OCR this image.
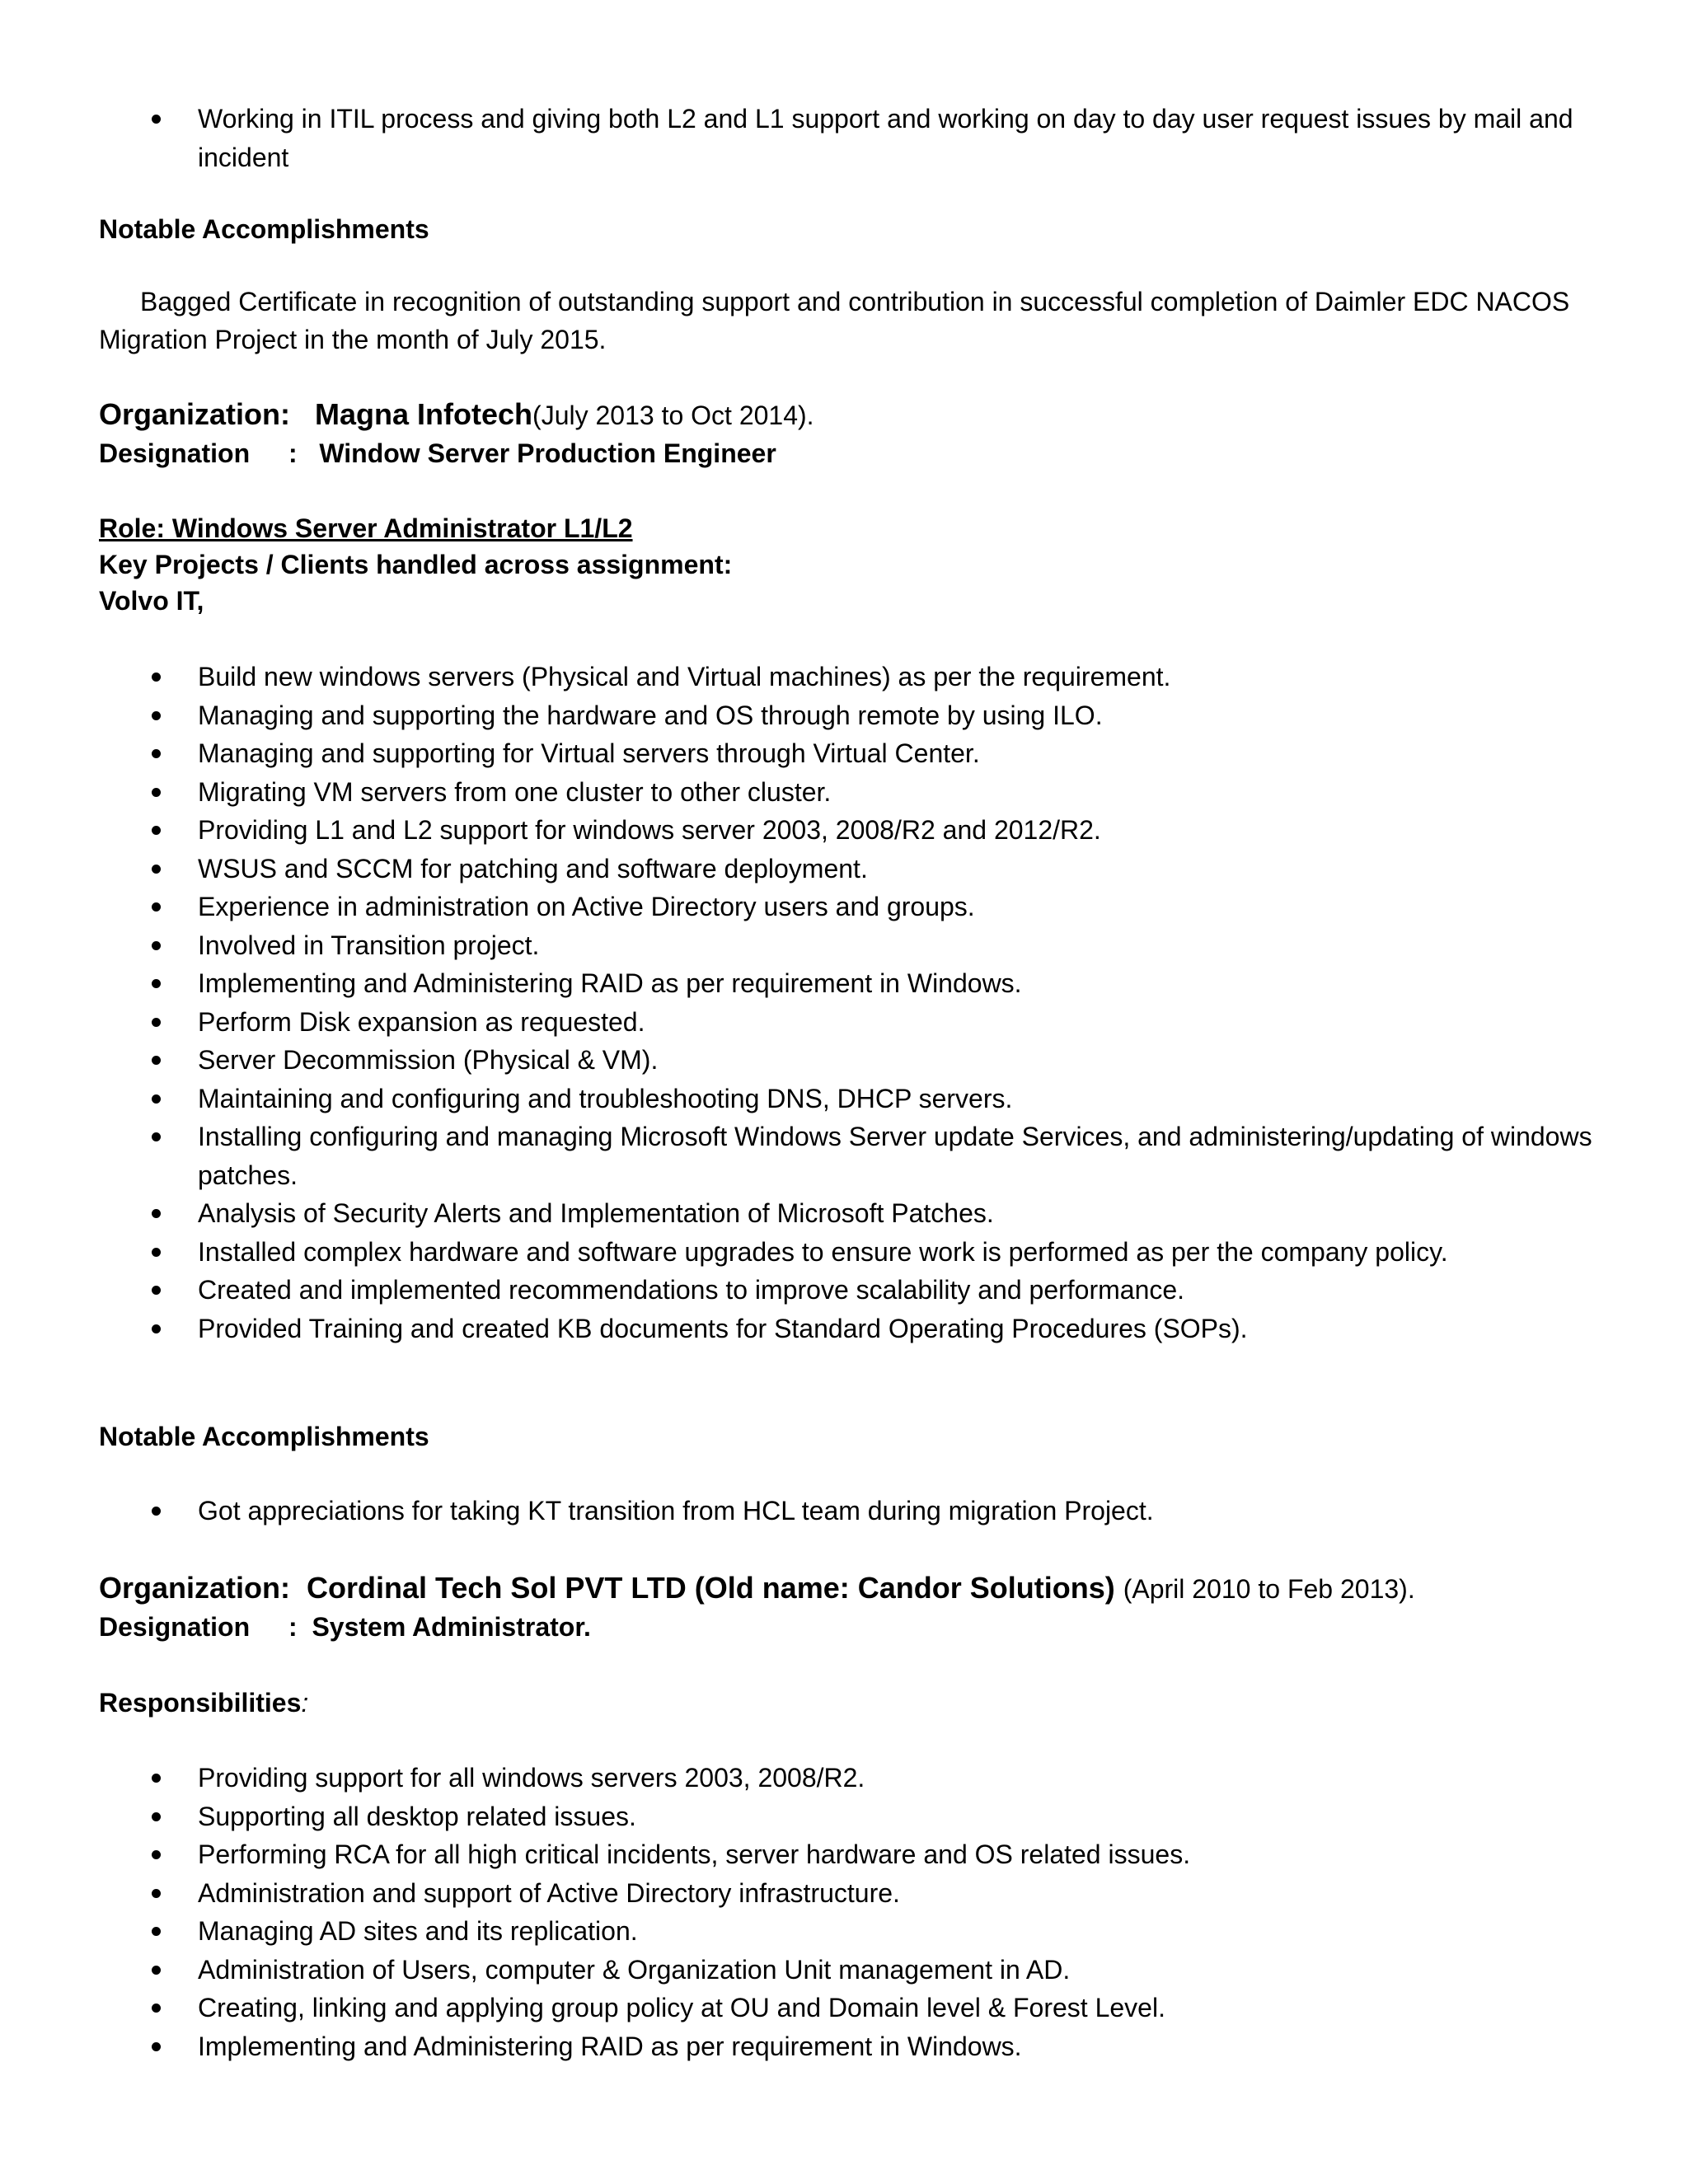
Working in ITIL process and giving both L2 and L1 support and working on day to day user request issues by mail and incident
Notable Accomplishments
Bagged Certificate in recognition of outstanding support and contribution in successful completion of Daimler EDC NACOS Migration Project in the month of July 2015.
Organization: Magna Infotech(July 2013 to Oct 2014).
Designation : Window Server Production Engineer
Role: Windows Server Administrator L1/L2
Key Projects / Clients handled across assignment:
Volvo IT,
Build new windows servers (Physical and Virtual machines) as per the requirement.
Managing and supporting the hardware and OS through remote by using ILO.
Managing and supporting for Virtual servers through Virtual Center.
Migrating VM servers from one cluster to other cluster.
Providing L1 and L2 support for windows server 2003, 2008/R2 and 2012/R2.
WSUS and SCCM for patching and software deployment.
Experience in administration on Active Directory users and groups.
Involved in Transition project.
Implementing and Administering RAID as per requirement in Windows.
Perform Disk expansion as requested.
Server Decommission (Physical & VM).
Maintaining and configuring and troubleshooting DNS, DHCP servers.
Installing configuring and managing Microsoft Windows Server update Services, and administering/updating of windows patches.
Analysis of Security Alerts and Implementation of Microsoft Patches.
Installed complex hardware and software upgrades to ensure work is performed as per the company policy.
Created and implemented recommendations to improve scalability and performance.
Provided Training and created KB documents for Standard Operating Procedures (SOPs).
Notable Accomplishments
Got appreciations for taking KT transition from HCL team during migration Project.
Organization: Cordinal Tech Sol PVT LTD (Old name: Candor Solutions) (April 2010 to Feb 2013).
Designation : System Administrator.
Responsibilities:
Providing support for all windows servers 2003, 2008/R2.
Supporting all desktop related issues.
Performing RCA for all high critical incidents, server hardware and OS related issues.
Administration and support of Active Directory infrastructure.
Managing AD sites and its replication.
Administration of Users, computer & Organization Unit management in AD.
Creating, linking and applying group policy at OU and Domain level & Forest Level.
Implementing and Administering RAID as per requirement in Windows.
